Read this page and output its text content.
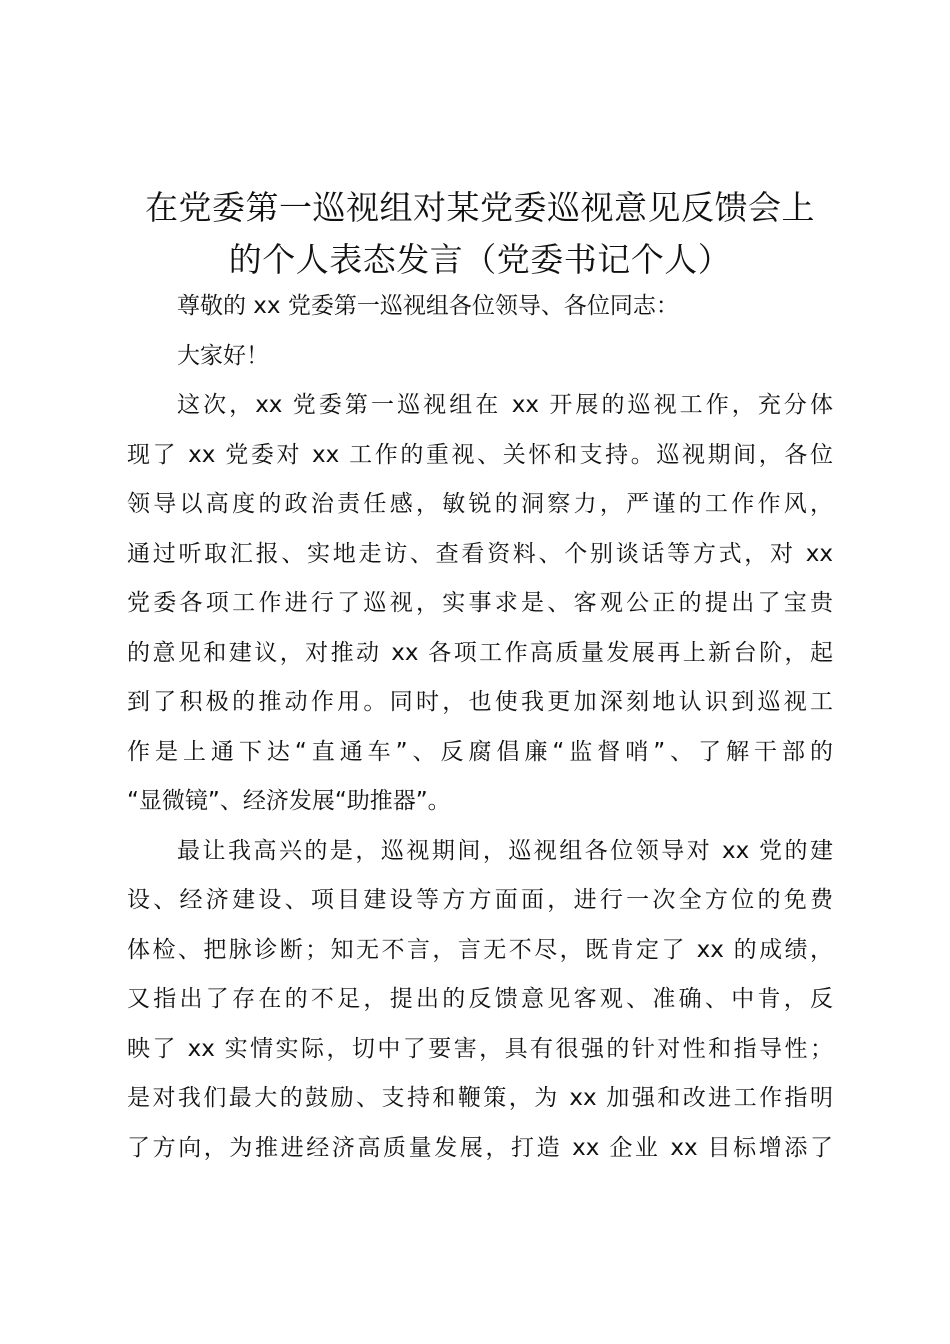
在党委第一巡视组对某党委巡视意见反馈会上
的个人表态发言（党委书记个人）

尊敬的 xx 党委第一巡视组各位领导、各位同志：

大家好！

这次，xx 党委第一巡视组在 xx 开展的巡视工作，充分体
现了 xx 党委对 xx 工作的重视、关怀和支持。巡视期间，各位
领导以高度的政治责任感，敏锐的洞察力，严谨的工作作风，
通过听取汇报、实地走访、查看资料、个别谈话等方式，对 xx
党委各项工作进行了巡视，实事求是、客观公正的提出了宝贵
的意见和建议，对推动 xx 各项工作高质量发展再上新台阶，起
到了积极的推动作用。同时，也使我更加深刻地认识到巡视工
作是上通下达“直通车”、反腐倡廉“监督哨”、了解干部的
“显微镜”、经济发展“助推器”。

最让我高兴的是，巡视期间，巡视组各位领导对 xx 党的建
设、经济建设、项目建设等方方面面，进行一次全方位的免费
体检、把脉诊断；知无不言，言无不尽，既肯定了 xx 的成绩，
又指出了存在的不足，提出的反馈意见客观、准确、中肯，反
映了 xx 实情实际，切中了要害，具有很强的针对性和指导性；
是对我们最大的鼓励、支持和鞭策，为 xx 加强和改进工作指明
了方向，为推进经济高质量发展，打造 xx 企业 xx 目标增添了
